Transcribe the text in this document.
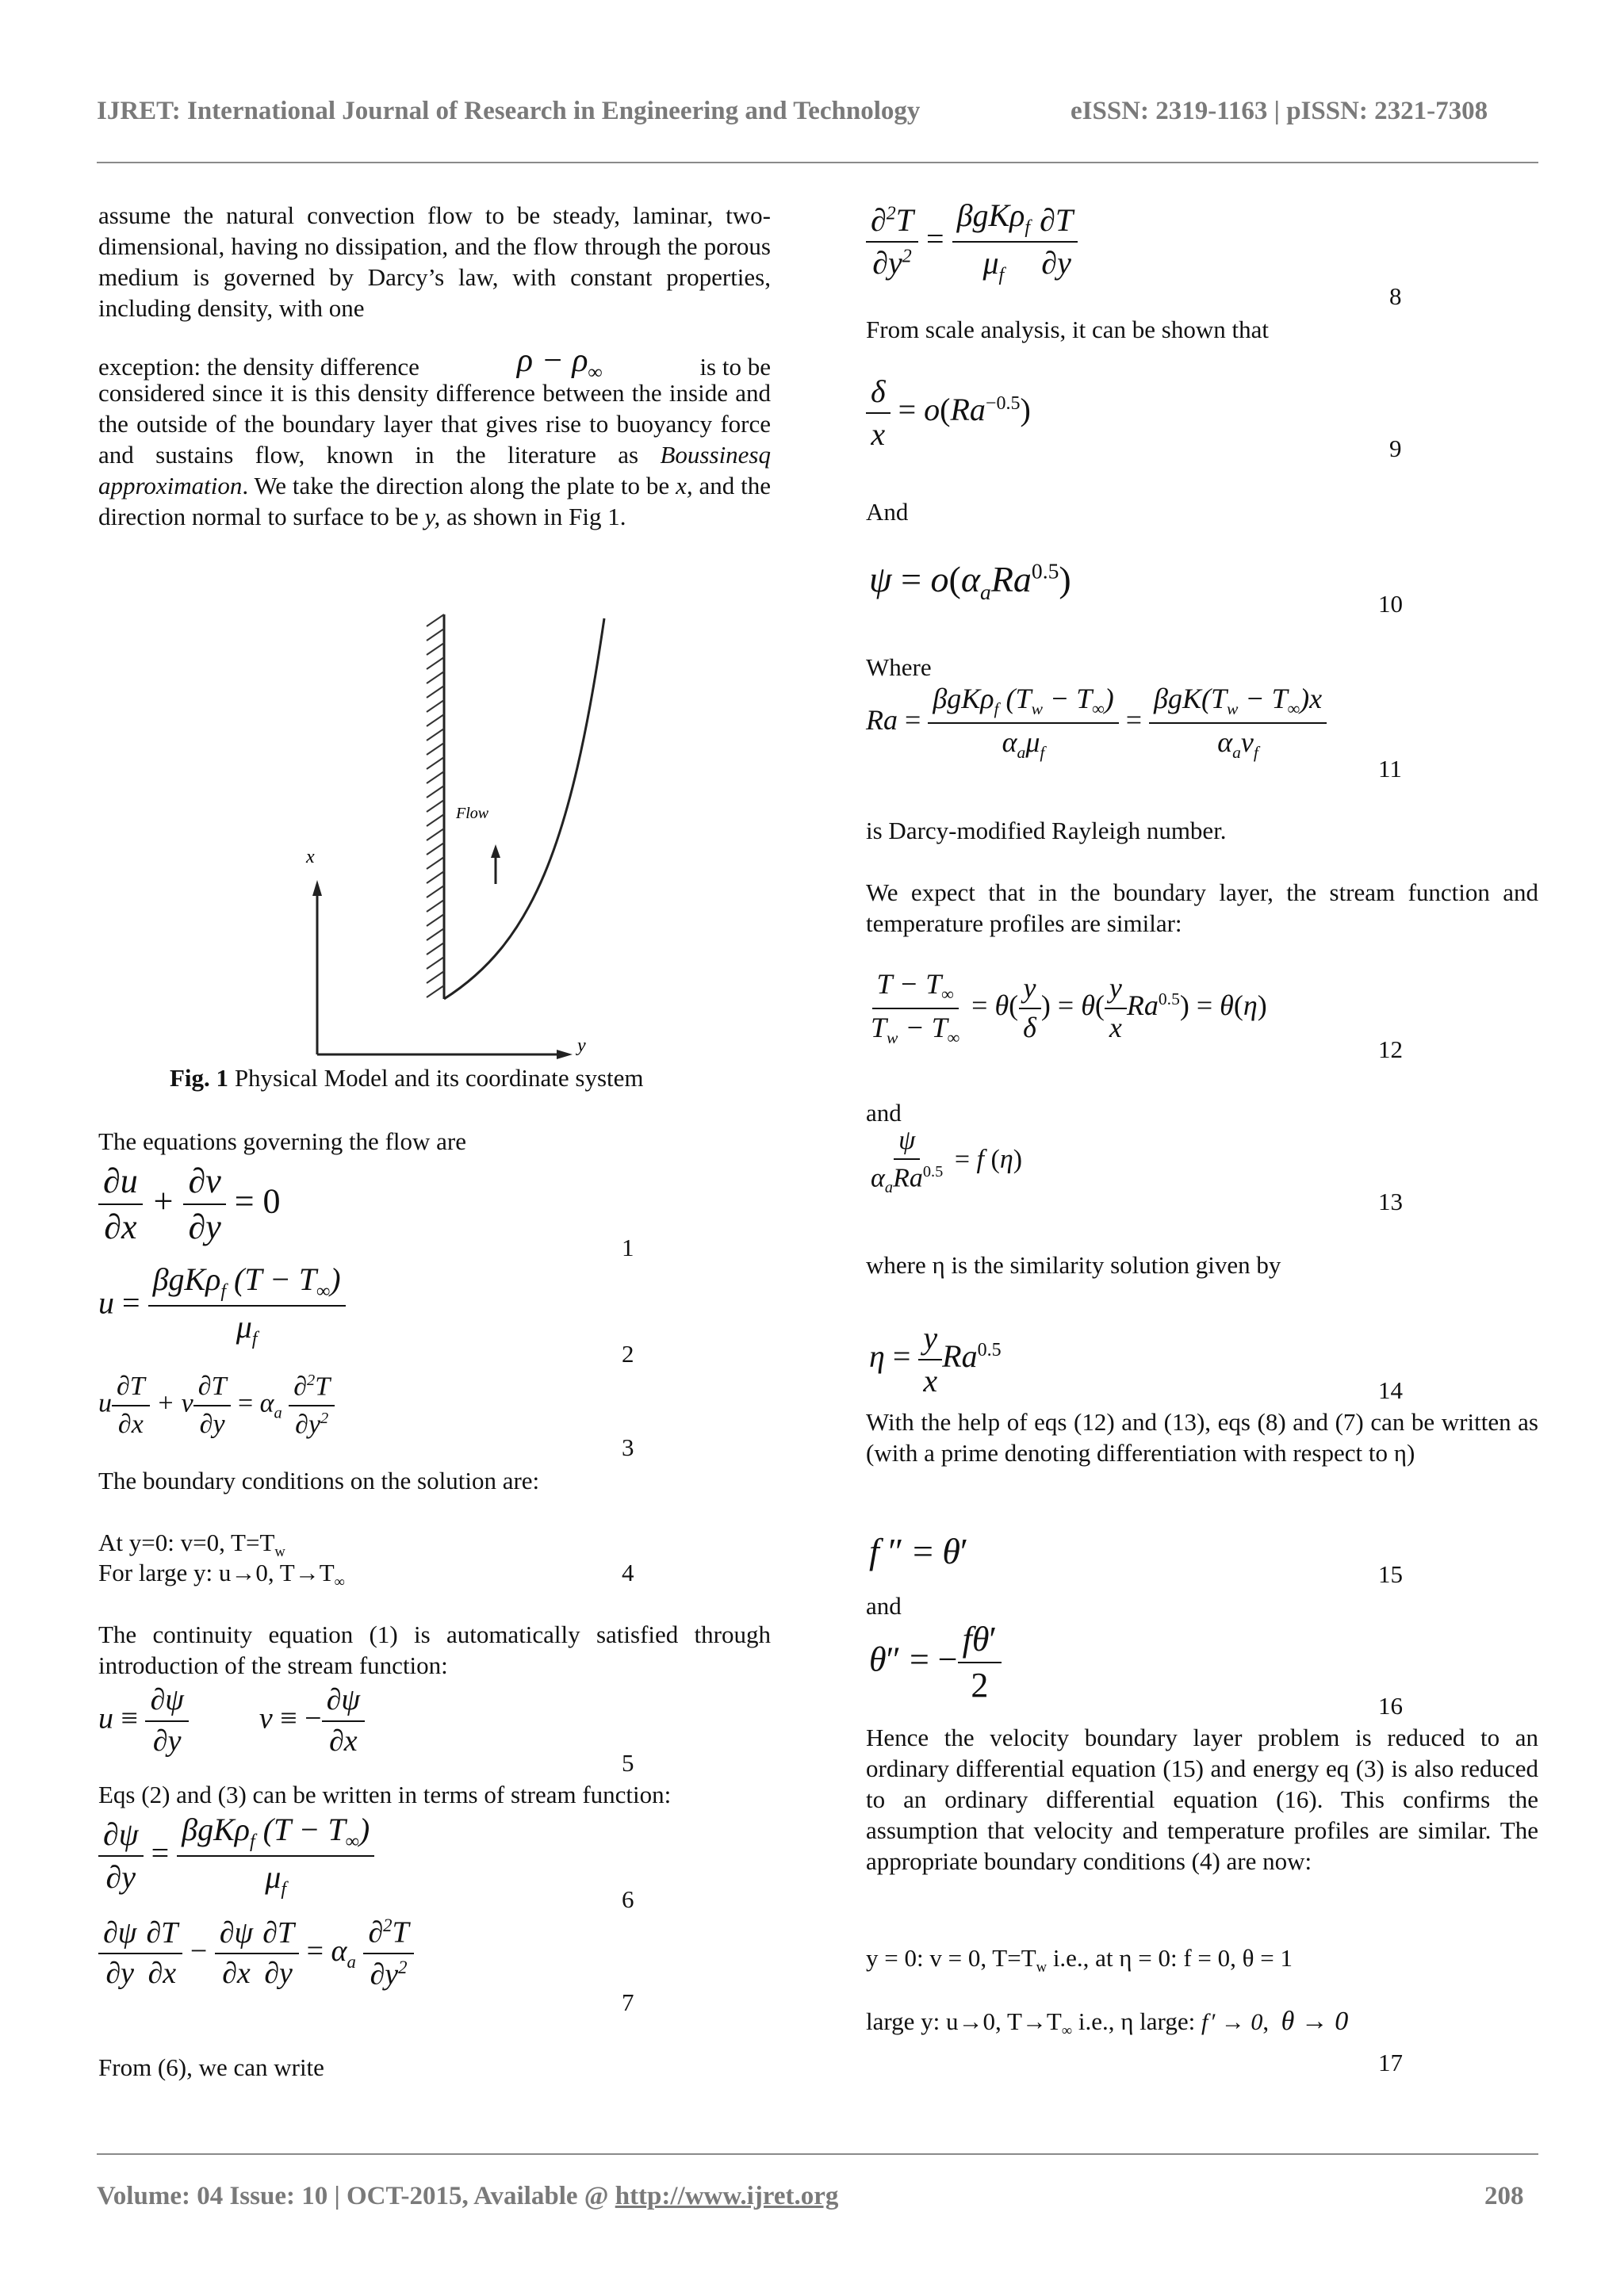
IJRET: International Journal of Research in Engineering and Technology	eISSN: 2319-1163 | pISSN: 2321-7308
assume the natural convection flow to be steady, laminar, two-dimensional, having no dissipation, and the flow through the porous medium is governed by Darcy’s law, with constant properties, including density, with one
exception: the density difference	$\rho - \rho_\infty$	is to be
considered since it is this density difference between the inside and the outside of the boundary layer that gives rise to buoyancy force and sustains flow, known in the literature as Boussinesq approximation. We take the direction along the plate to be x, and the direction normal to surface to be y, as shown in Fig 1.
x
y
Flow
Fig. 1 Physical Model and its coordinate system
The equations governing the flow are
$\frac{\partial u}{\partial x} + \frac{\partial v}{\partial y} = 0$
1
$u = \frac{\beta gK\rho_f (T - T_\infty)}{\mu_f}$
2
u $\frac{\partial T}{\partial x} + v \frac{\partial T}{\partial y} = \alpha_a \frac{\partial^2T}{\partial y^2}$
3
The boundary conditions on the solution are:
At y=0: v=0, $T=T_w$
For large y: u→0, $T\to T_\infty$	4
The continuity equation (1) is automatically satisfied through introduction of the stream function:
$u \equiv \frac{\partial\psi}{\partial y}$ v ≡ − $\frac{\partial\psi}{\partial x}$
5
Eqs (2) and (3) can be written in terms of stream function:
$\frac{\partial\psi}{\partial y} = \frac{\beta gK\rho_f (T - T_\infty)}{\mu_f}$	6
$\frac{\partial\psi}{\partial y} \frac{\partial T}{\partial x} - \frac{\partial\psi}{\partial x} \frac{\partial T}{\partial y} = \alpha_a \frac{\partial^2T}{\partial y^2}$
7
From (6), we can write
$\frac{\partial^2T}{\partial y^2} = \frac{\beta gK\rho_f}{\mu_f} \frac{\partial T}{\partial y}$
8
From scale analysis, it can be shown that
$\frac{\delta}{x} = o(Ra^{-0.5})$
9
And
$\psi = o(\alpha_aRa^{0.5})$
10
Where
$Ra = \frac{\beta gK\rho_f (T_w - T_\infty)}{\alpha_a\mu_f} = \frac{\beta gK(T_w - T_\infty)x}{\alpha_a\nu_f}$
11
is Darcy-modified Rayleigh number.
We expect that in the boundary layer, the stream function and temperature profiles are similar:
$\frac{T - T_\infty}{T_w - T_\infty} = \theta( \frac{y}{\delta}$ ) = $\theta( \frac{y}{x} Ra^{0.5}) = \theta(\eta)$
12
and
$\frac{\psi}{\alpha_aRa^{0.5}} = f$ (η)
13
where η is the similarity solution given by
$\eta = \frac{y}{x} Ra^{0.5}$
14
With the help of eqs (12) and (13), eqs (8) and (7) can be written as (with a prime denoting differentiation with respect to η)
f ″ = θ′
15
and
θ″ = − $\frac{f\theta'}{2}$
16
Hence the velocity boundary layer problem is reduced to an ordinary differential equation (15) and energy eq (3) is also reduced to an ordinary differential equation (16). This confirms the assumption that velocity and temperature profiles are similar. The appropriate boundary conditions (4) are now:
y = 0: v = 0, $T=T_w$ i.e., at η = 0: f = 0, θ = 1
large y: u→0, $T\to T_\infty$ i.e., η large: f ′ → 0,  θ → 0
17
Volume: 04 Issue: 10 | OCT-2015, Available @ http://www.ijret.org	208
